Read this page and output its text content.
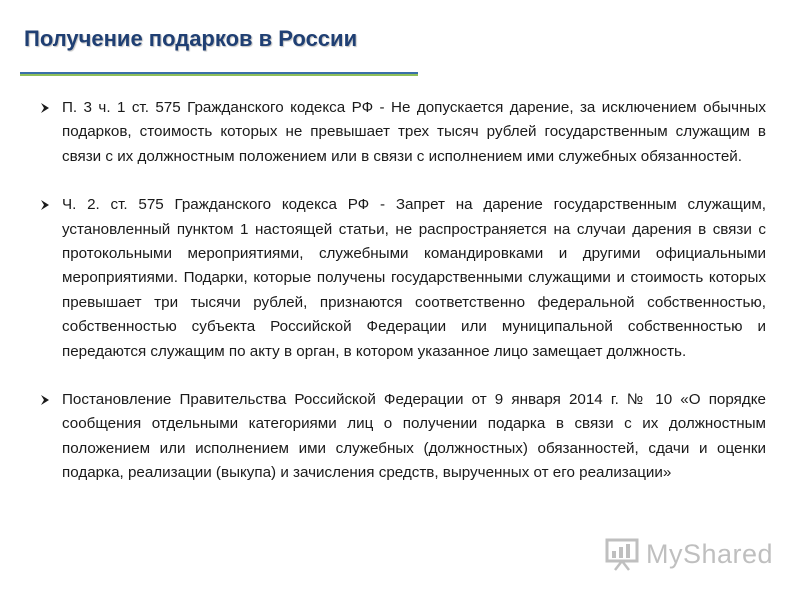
Получение подарков в России
П. 3 ч. 1 ст. 575 Гражданского кодекса РФ - Не допускается дарение, за исключением обычных подарков, стоимость которых не превышает трех тысяч рублей государственным служащим в связи с их должностным положением или в связи с исполнением ими служебных обязанностей.
Ч. 2. ст. 575 Гражданского кодекса РФ - Запрет на дарение государственным служащим, установленный пунктом 1 настоящей статьи, не распространяется на случаи дарения в связи с протокольными мероприятиями, служебными командировками и другими официальными мероприятиями. Подарки, которые получены государственными служащими и стоимость которых превышает три тысячи рублей, признаются соответственно федеральной собственностью, собственностью субъекта Российской Федерации или муниципальной собственностью и передаются служащим по акту в орган, в котором указанное лицо замещает должность.
Постановление Правительства Российской Федерации от 9 января 2014 г. № 10 «О порядке сообщения отдельными категориями лиц о получении подарка в связи с их должностным положением или исполнением ими служебных (должностных) обязанностей, сдачи и оценки подарка, реализации (выкупа) и зачисления средств, вырученных от его реализации»
MyShared
